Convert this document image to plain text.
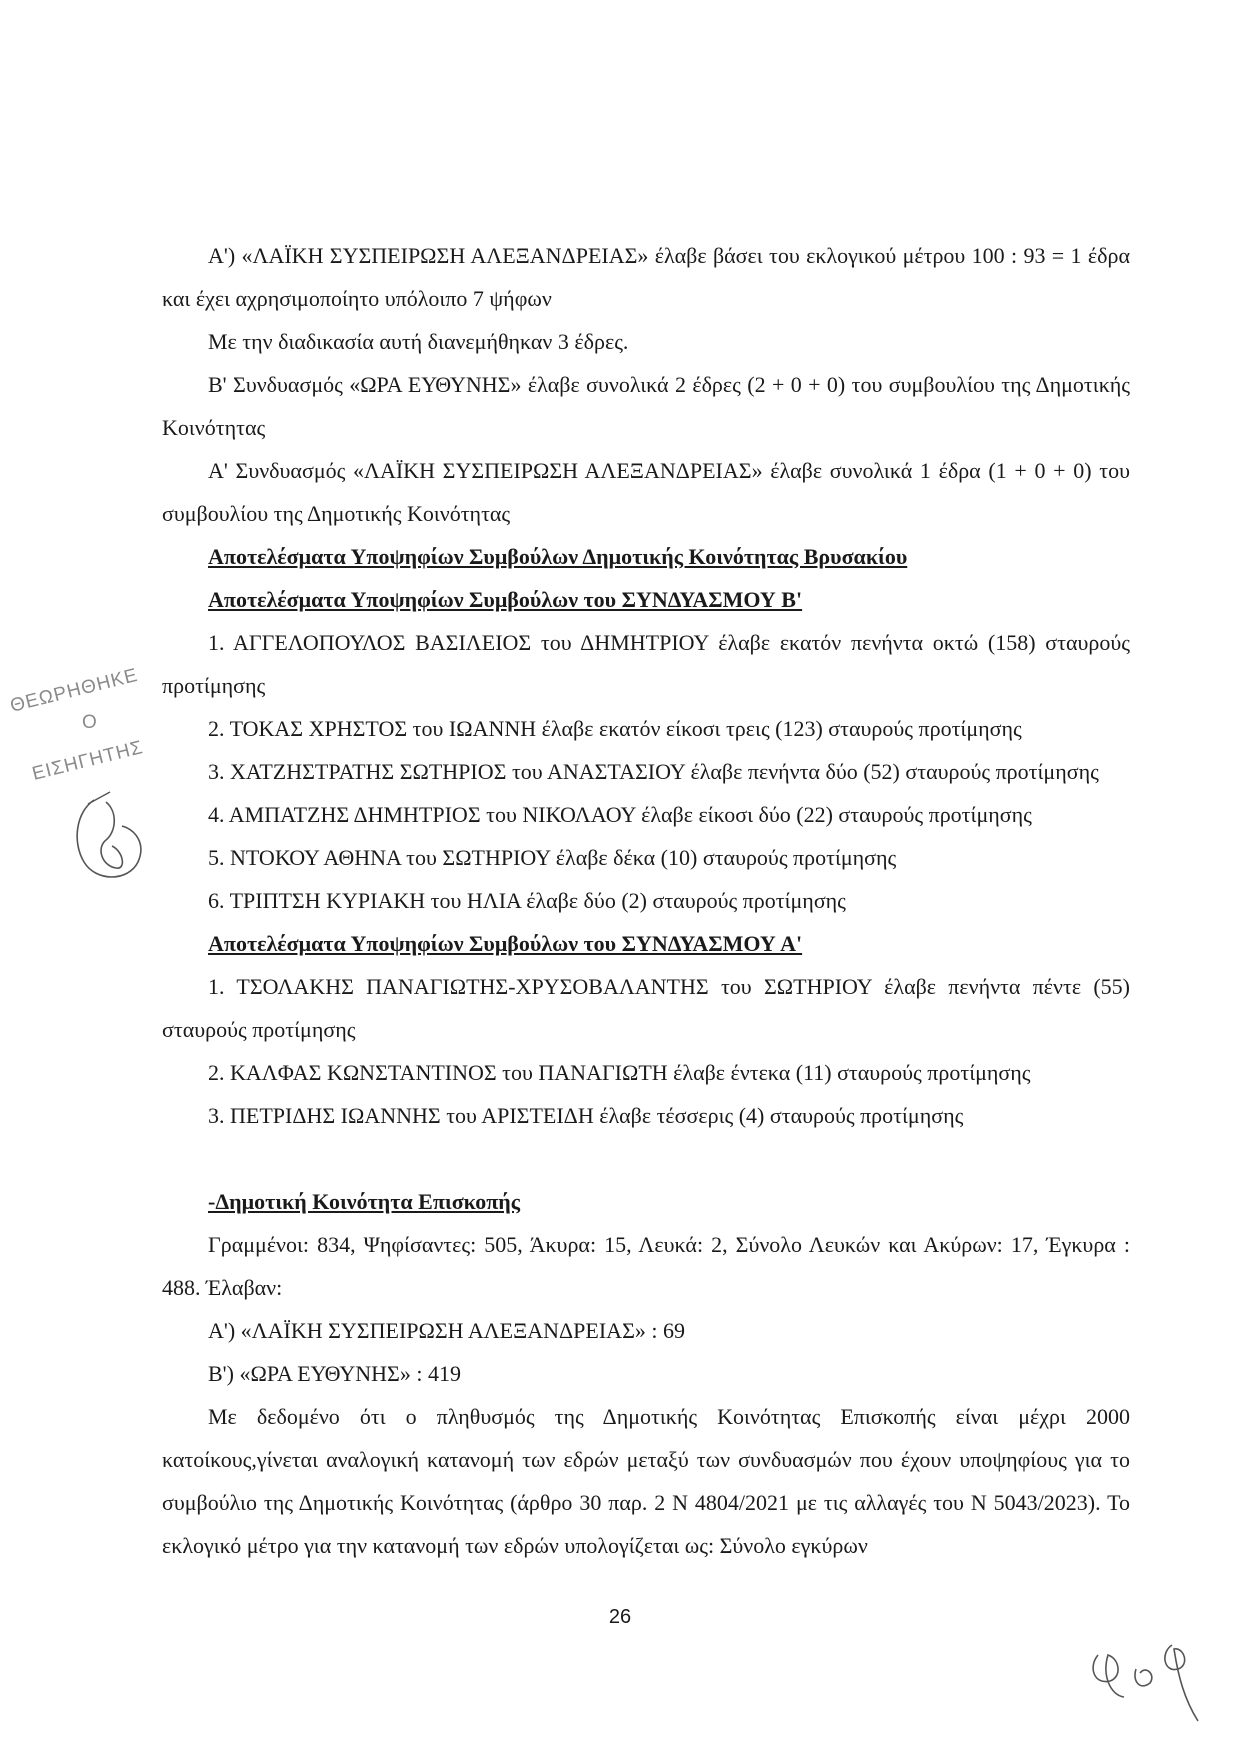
Α') «ΛΑΪΚΗ ΣΥΣΠΕΙΡΩΣΗ ΑΛΕΞΑΝΔΡΕΙΑΣ» έλαβε βάσει του εκλογικού μέτρου 100 : 93 = 1 έδρα και έχει αχρησιμοποίητο υπόλοιπο 7 ψήφων

Με την διαδικασία αυτή διανεμήθηκαν 3 έδρες.

Β' Συνδυασμός «ΩΡΑ ΕΥΘΥΝΗΣ» έλαβε συνολικά 2 έδρες (2 + 0 + 0) του συμβουλίου της Δημοτικής Κοινότητας

Α' Συνδυασμός «ΛΑΪΚΗ ΣΥΣΠΕΙΡΩΣΗ ΑΛΕΞΑΝΔΡΕΙΑΣ» έλαβε συνολικά 1 έδρα (1 + 0 + 0) του συμβουλίου της Δημοτικής Κοινότητας

Αποτελέσματα Υποψηφίων Συμβούλων Δημοτικής Κοινότητας Βρυσακίου

Αποτελέσματα Υποψηφίων Συμβούλων του ΣΥΝΔΥΑΣΜΟΥ Β'

1. ΑΓΓΕΛΟΠΟΥΛΟΣ ΒΑΣΙΛΕΙΟΣ του ΔΗΜΗΤΡΙΟΥ έλαβε εκατόν πενήντα οκτώ (158) σταυρούς προτίμησης

2. ΤΟΚΑΣ ΧΡΗΣΤΟΣ του ΙΩΑΝΝΗ έλαβε εκατόν είκοσι τρεις (123) σταυρούς προτίμησης

3. ΧΑΤΖΗΣΤΡΑΤΗΣ ΣΩΤΗΡΙΟΣ του ΑΝΑΣΤΑΣΙΟΥ έλαβε πενήντα δύο (52) σταυρούς προτίμησης

4. ΑΜΠΑΤΖΗΣ ΔΗΜΗΤΡΙΟΣ του ΝΙΚΟΛΑΟΥ έλαβε είκοσι δύο (22) σταυρούς προτίμησης

5. ΝΤΟΚΟΥ ΑΘΗΝΑ του ΣΩΤΗΡΙΟΥ έλαβε δέκα (10) σταυρούς προτίμησης

6. ΤΡΙΠΤΣΗ ΚΥΡΙΑΚΗ του ΗΛΙΑ έλαβε δύο (2) σταυρούς προτίμησης

Αποτελέσματα Υποψηφίων Συμβούλων του ΣΥΝΔΥΑΣΜΟΥ Α'

1. ΤΣΟΛΑΚΗΣ ΠΑΝΑΓΙΩΤΗΣ-ΧΡΥΣΟΒΑΛΑΝΤΗΣ του ΣΩΤΗΡΙΟΥ έλαβε πενήντα πέντε (55) σταυρούς προτίμησης

2. ΚΑΛΦΑΣ ΚΩΝΣΤΑΝΤΙΝΟΣ του ΠΑΝΑΓΙΩΤΗ έλαβε έντεκα (11) σταυρούς προτίμησης

3. ΠΕΤΡΙΔΗΣ ΙΩΑΝΝΗΣ του ΑΡΙΣΤΕΙΔΗ έλαβε τέσσερις (4) σταυρούς προτίμησης

-Δημοτική Κοινότητα Επισκοπής

Γραμμένοι: 834, Ψηφίσαντες: 505, Άκυρα: 15, Λευκά: 2, Σύνολο Λευκών και Ακύρων: 17, Έγκυρα : 488. Έλαβαν:

Α') «ΛΑΪΚΗ ΣΥΣΠΕΙΡΩΣΗ ΑΛΕΞΑΝΔΡΕΙΑΣ» : 69

Β') «ΩΡΑ ΕΥΘΥΝΗΣ» : 419

Με δεδομένο ότι ο πληθυσμός της Δημοτικής Κοινότητας Επισκοπής είναι μέχρι 2000 κατοίκους,γίνεται αναλογική κατανομή των εδρών μεταξύ των συνδυασμών που έχουν υποψηφίους για το συμβούλιο της Δημοτικής Κοινότητας (άρθρο 30 παρ. 2 Ν 4804/2021 με τις αλλαγές του Ν 5043/2023). Το εκλογικό μέτρο για την κατανομή των εδρών υπολογίζεται ως: Σύνολο εγκύρων

26
ΘΕΩΡΗΘΗΚΕ
Ο
ΕΙΣΗΓΗΤΗΣ
